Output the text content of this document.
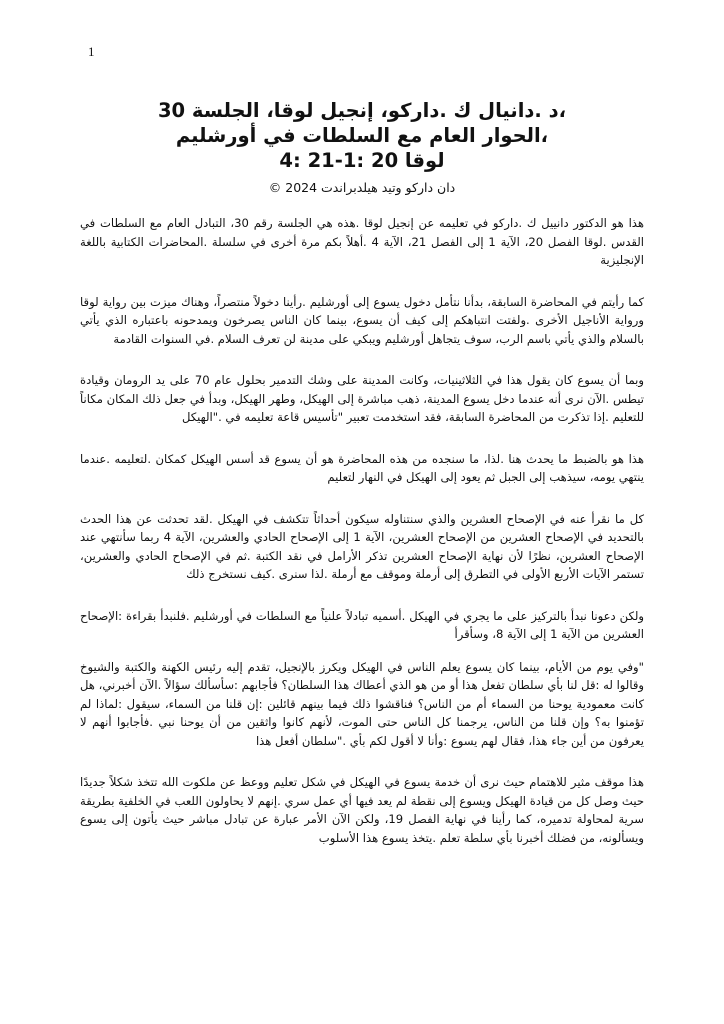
1

،د .دانيال ك .داركو، إنجيل لوقا، الجلسة 30

،الحوار العام مع السلطات في أورشليم

لوقا 20 :1-21 :4

دان داركو وتيد هيلدبراندت 2024 ©

هذا هو الدكتور دانييل ك .داركو في تعليمه عن إنجيل لوقا .هذه هي الجلسة رقم 30، التبادل العام مع السلطات في القدس .لوقا الفصل 20، الآية 1 إلى الفصل 21، الآية 4 .أهلاً بكم مرة أخرى في سلسلة .المحاضرات الكتابية باللغة الإنجليزية

كما رأيتم في المحاضرة السابقة، بدأنا نتأمل دخول يسوع إلى أورشليم .رأينا دخولاً منتصراً، وهناك ميزت بين رواية لوقا ورواية الأناجيل الأخرى .ولفتت انتباهكم إلى كيف أن يسوع، بينما كان الناس يصرخون ويمدحونه باعتباره الذي يأتي بالسلام والذي يأتي باسم الرب، سوف يتجاهل أورشليم ويبكي على مدينة لن تعرف السلام .في السنوات القادمة

وبما أن يسوع كان يقول هذا في الثلاثينيات، وكانت المدينة على وشك التدمير بحلول عام 70 على يد الرومان وقيادة تيطس .الآن نرى أنه عندما دخل يسوع المدينة، ذهب مباشرة إلى الهيكل، وطهر الهيكل، وبدأ في جعل ذلك المكان مكاناً للتعليم .إذا تذكرت من المحاضرة السابقة، فقد استخدمت تعبير "تأسيس قاعة تعليمه في ."الهيكل

هذا هو بالضبط ما يحدث هنا .لذا، ما سنجده من هذه المحاضرة هو أن يسوع قد أسس الهيكل كمكان .لتعليمه .عندما ينتهي يومه، سيذهب إلى الجبل ثم يعود إلى الهيكل في النهار لتعليم

كل ما نقرأ عنه في الإصحاح العشرين والذي سنتناوله سيكون أحداثاً تتكشف في الهيكل .لقد تحدثت عن هذا الحدث بالتحديد في الإصحاح العشرين من الإصحاح العشرين، الآية 1 إلى الإصحاح الحادي والعشرين، الآية 4 ربما سأنتهي عند الإصحاح العشرين، نظرًا لأن نهاية الإصحاح العشرين تذكر الأرامل في نقد الكتبة .ثم في الإصحاح الحادي والعشرين، تستمر الآيات الأربع الأولى في التطرق إلى أرملة وموقف مع أرملة .لذا سنرى .كيف نستخرج ذلك

ولكن دعونا نبدأ بالتركيز على ما يجري في الهيكل .أسميه تبادلاً علنياً مع السلطات في أورشليم .فلنبدأ بقراءة :الإصحاح العشرين من الآية 1 إلى الآية 8، وسأقرأ

"وفي يوم من الأيام، بينما كان يسوع يعلم الناس في الهيكل ويكرز بالإنجيل، تقدم إليه رئيس الكهنة والكتبة والشيوخ وقالوا له :قل لنا بأي سلطان تفعل هذا أو من هو الذي أعطاك هذا السلطان؟ فأجابهم :سأسألك سؤالاً .الآن أخبرني، هل كانت معمودية يوحنا من السماء أم من الناس؟ فناقشوا ذلك فيما بينهم قائلين :إن قلنا من السماء، سيقول :لماذا لم تؤمنوا به؟ وإن قلنا من الناس، يرجمنا كل الناس حتى الموت، لأنهم كانوا واثقين من أن يوحنا نبي .فأجابوا أنهم لا يعرفون من أين جاء هذا، فقال لهم يسوع :وأنا لا أقول لكم بأي ."سلطان أفعل هذا

هذا موقف مثير للاهتمام حيث نرى أن خدمة يسوع في الهيكل في شكل تعليم ووعظ عن ملكوت الله تتخذ شكلاً جديدًا حيث وصل كل من قيادة الهيكل ويسوع إلى نقطة لم يعد فيها أي عمل سري .إنهم لا يحاولون اللعب في الخلفية بطريقة سرية لمحاولة تدميره، كما رأينا في نهاية الفصل 19، ولكن الآن الأمر عبارة عن تبادل مباشر حيث يأتون إلى يسوع ويسألونه، من فضلك أخبرنا بأي سلطة تعلم .يتخذ يسوع هذا الأسلوب
